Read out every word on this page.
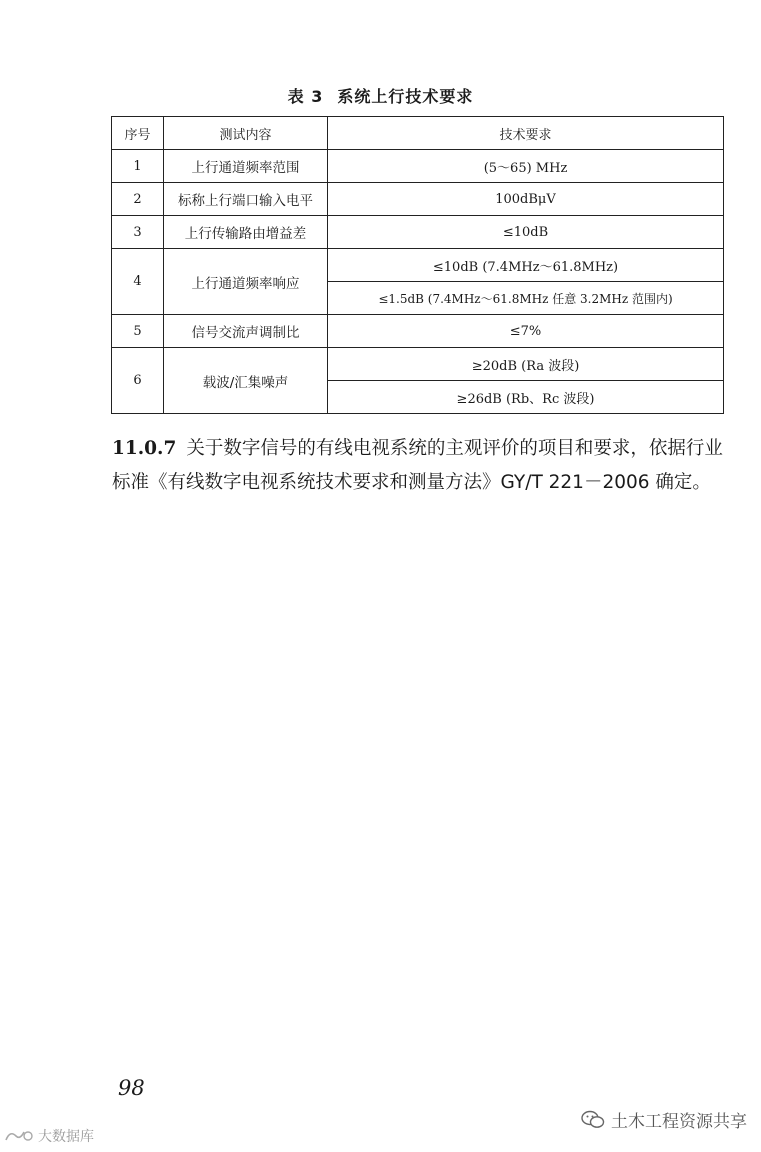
表 3 系统上行技术要求
序号	测试内容	技术要求
1	上行通道频率范围	(5～65) MHz
2	标称上行端口输入电平	100dBμV
3	上行传输路由增益差	≤10dB
4	上行通道频率响应	≤10dB (7.4MHz～61.8MHz)
		≤1.5dB (7.4MHz～61.8MHz 任意 3.2MHz 范围内)
5	信号交流声调制比	≤7%
6	载波/汇集噪声	≥20dB (Ra 波段)
		≥26dB (Rb、Rc 波段)

11.0.7 关于数字信号的有线电视系统的主观评价的项目和要求，依据行业标准《有线数字电视系统技术要求和测量方法》GY/T 221－2006 确定。

98
土木工程资源共享
大数据库
